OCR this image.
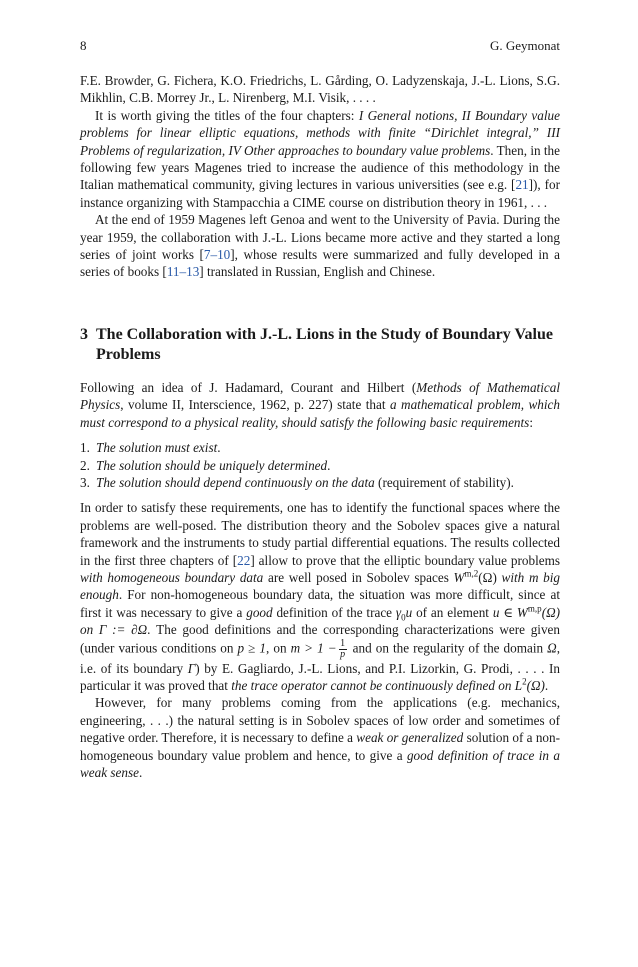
8	G. Geymonat

F.E. Browder, G. Fichera, K.O. Friedrichs, L. Gårding, O. Ladyzenskaja, J.-L. Lions, S.G. Mikhlin, C.B. Morrey Jr., L. Nirenberg, M.I. Visik, . . . .

It is worth giving the titles of the four chapters: I General notions, II Boundary value problems for linear elliptic equations, methods with finite “Dirichlet integral,” III Problems of regularization, IV Other approaches to boundary value problems. Then, in the following few years Magenes tried to increase the audience of this methodology in the Italian mathematical community, giving lectures in various universities (see e.g. [21]), for instance organizing with Stampacchia a CIME course on distribution theory in 1961, . . .

At the end of 1959 Magenes left Genoa and went to the University of Pavia. During the year 1959, the collaboration with J.-L. Lions became more active and they started a long series of joint works [7–10], whose results were summarized and fully developed in a series of books [11–13] translated in Russian, English and Chinese.

3 The Collaboration with J.-L. Lions in the Study of Boundary Value Problems

Following an idea of J. Hadamard, Courant and Hilbert (Methods of Mathematical Physics, volume II, Interscience, 1962, p. 227) state that a mathematical problem, which must correspond to a physical reality, should satisfy the following basic requirements:

1. The solution must exist.
2. The solution should be uniquely determined.
3. The solution should depend continuously on the data (requirement of stability).

In order to satisfy these requirements, one has to identify the functional spaces where the problems are well-posed. The distribution theory and the Sobolev spaces give a natural framework and the instruments to study partial differential equations. The results collected in the first three chapters of [22] allow to prove that the elliptic boundary value problems with homogeneous boundary data are well posed in Sobolev spaces W$^{m,2}$(Ω) with m big enough. For non-homogeneous boundary data, the situation was more difficult, since at first it was necessary to give a good definition of the trace $\gamma_0u$ of an element u ∈ W$^{m,p}$(Ω) on Γ := ∂Ω. The good definitions and the corresponding characterizations were given (under various conditions on p ≥ 1, on $m > 1 - \frac{1}{p}$ and on the regularity of the domain Ω, i.e. of its boundary Γ) by E. Gagliardo, J.-L. Lions, and P.I. Lizorkin, G. Prodi, . . . . In particular it was proved that the trace operator cannot be continuously defined on $L^2(\Omega)$.

However, for many problems coming from the applications (e.g. mechanics, engineering, . . .) the natural setting is in Sobolev spaces of low order and sometimes of negative order. Therefore, it is necessary to define a weak or generalized solution of a non-homogeneous boundary value problem and hence, to give a good definition of trace in a weak sense.
